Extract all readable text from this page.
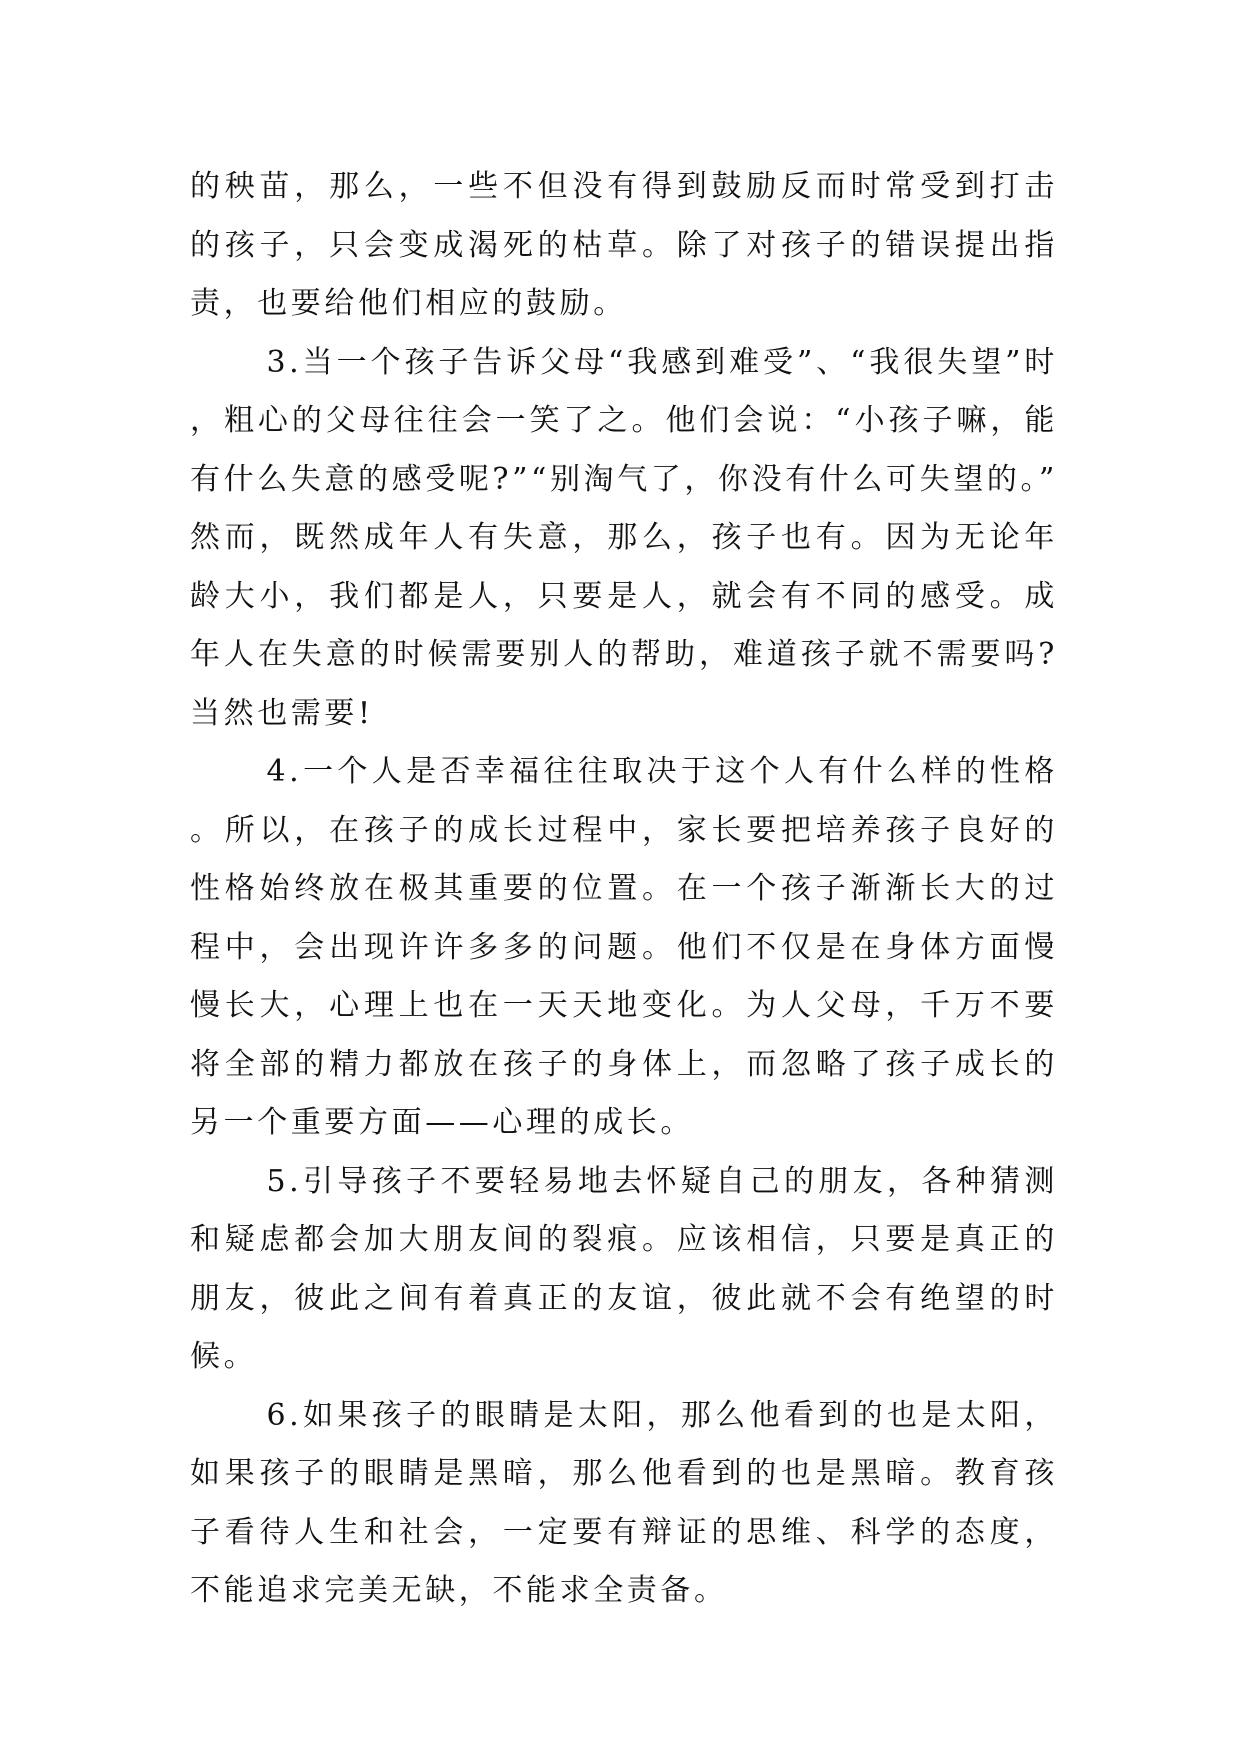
的秧苗，那么，一些不但没有得到鼓励反而时常受到打击的孩子，只会变成渴死的枯草。除了对孩子的错误提出指责，也要给他们相应的鼓励。

3.当一个孩子告诉父母“我感到难受”、“我很失望”时，粗心的父母往往会一笑了之。他们会说：“小孩子嘛，能有什么失意的感受呢?”“别淘气了，你没有什么可失望的。”然而，既然成年人有失意，那么，孩子也有。因为无论年龄大小，我们都是人，只要是人，就会有不同的感受。成年人在失意的时候需要别人的帮助，难道孩子就不需要吗?当然也需要!

4.一个人是否幸福往往取决于这个人有什么样的性格。所以，在孩子的成长过程中，家长要把培养孩子良好的性格始终放在极其重要的位置。在一个孩子渐渐长大的过程中，会出现许许多多的问题。他们不仅是在身体方面慢慢长大，心理上也在一天天地变化。为人父母，千万不要将全部的精力都放在孩子的身体上，而忽略了孩子成长的另一个重要方面——心理的成长。

5.引导孩子不要轻易地去怀疑自己的朋友，各种猜测和疑虑都会加大朋友间的裂痕。应该相信，只要是真正的朋友，彼此之间有着真正的友谊，彼此就不会有绝望的时候。

6.如果孩子的眼睛是太阳，那么他看到的也是太阳，如果孩子的眼睛是黑暗，那么他看到的也是黑暗。教育孩子看待人生和社会，一定要有辩证的思维、科学的态度，不能追求完美无缺，不能求全责备。
